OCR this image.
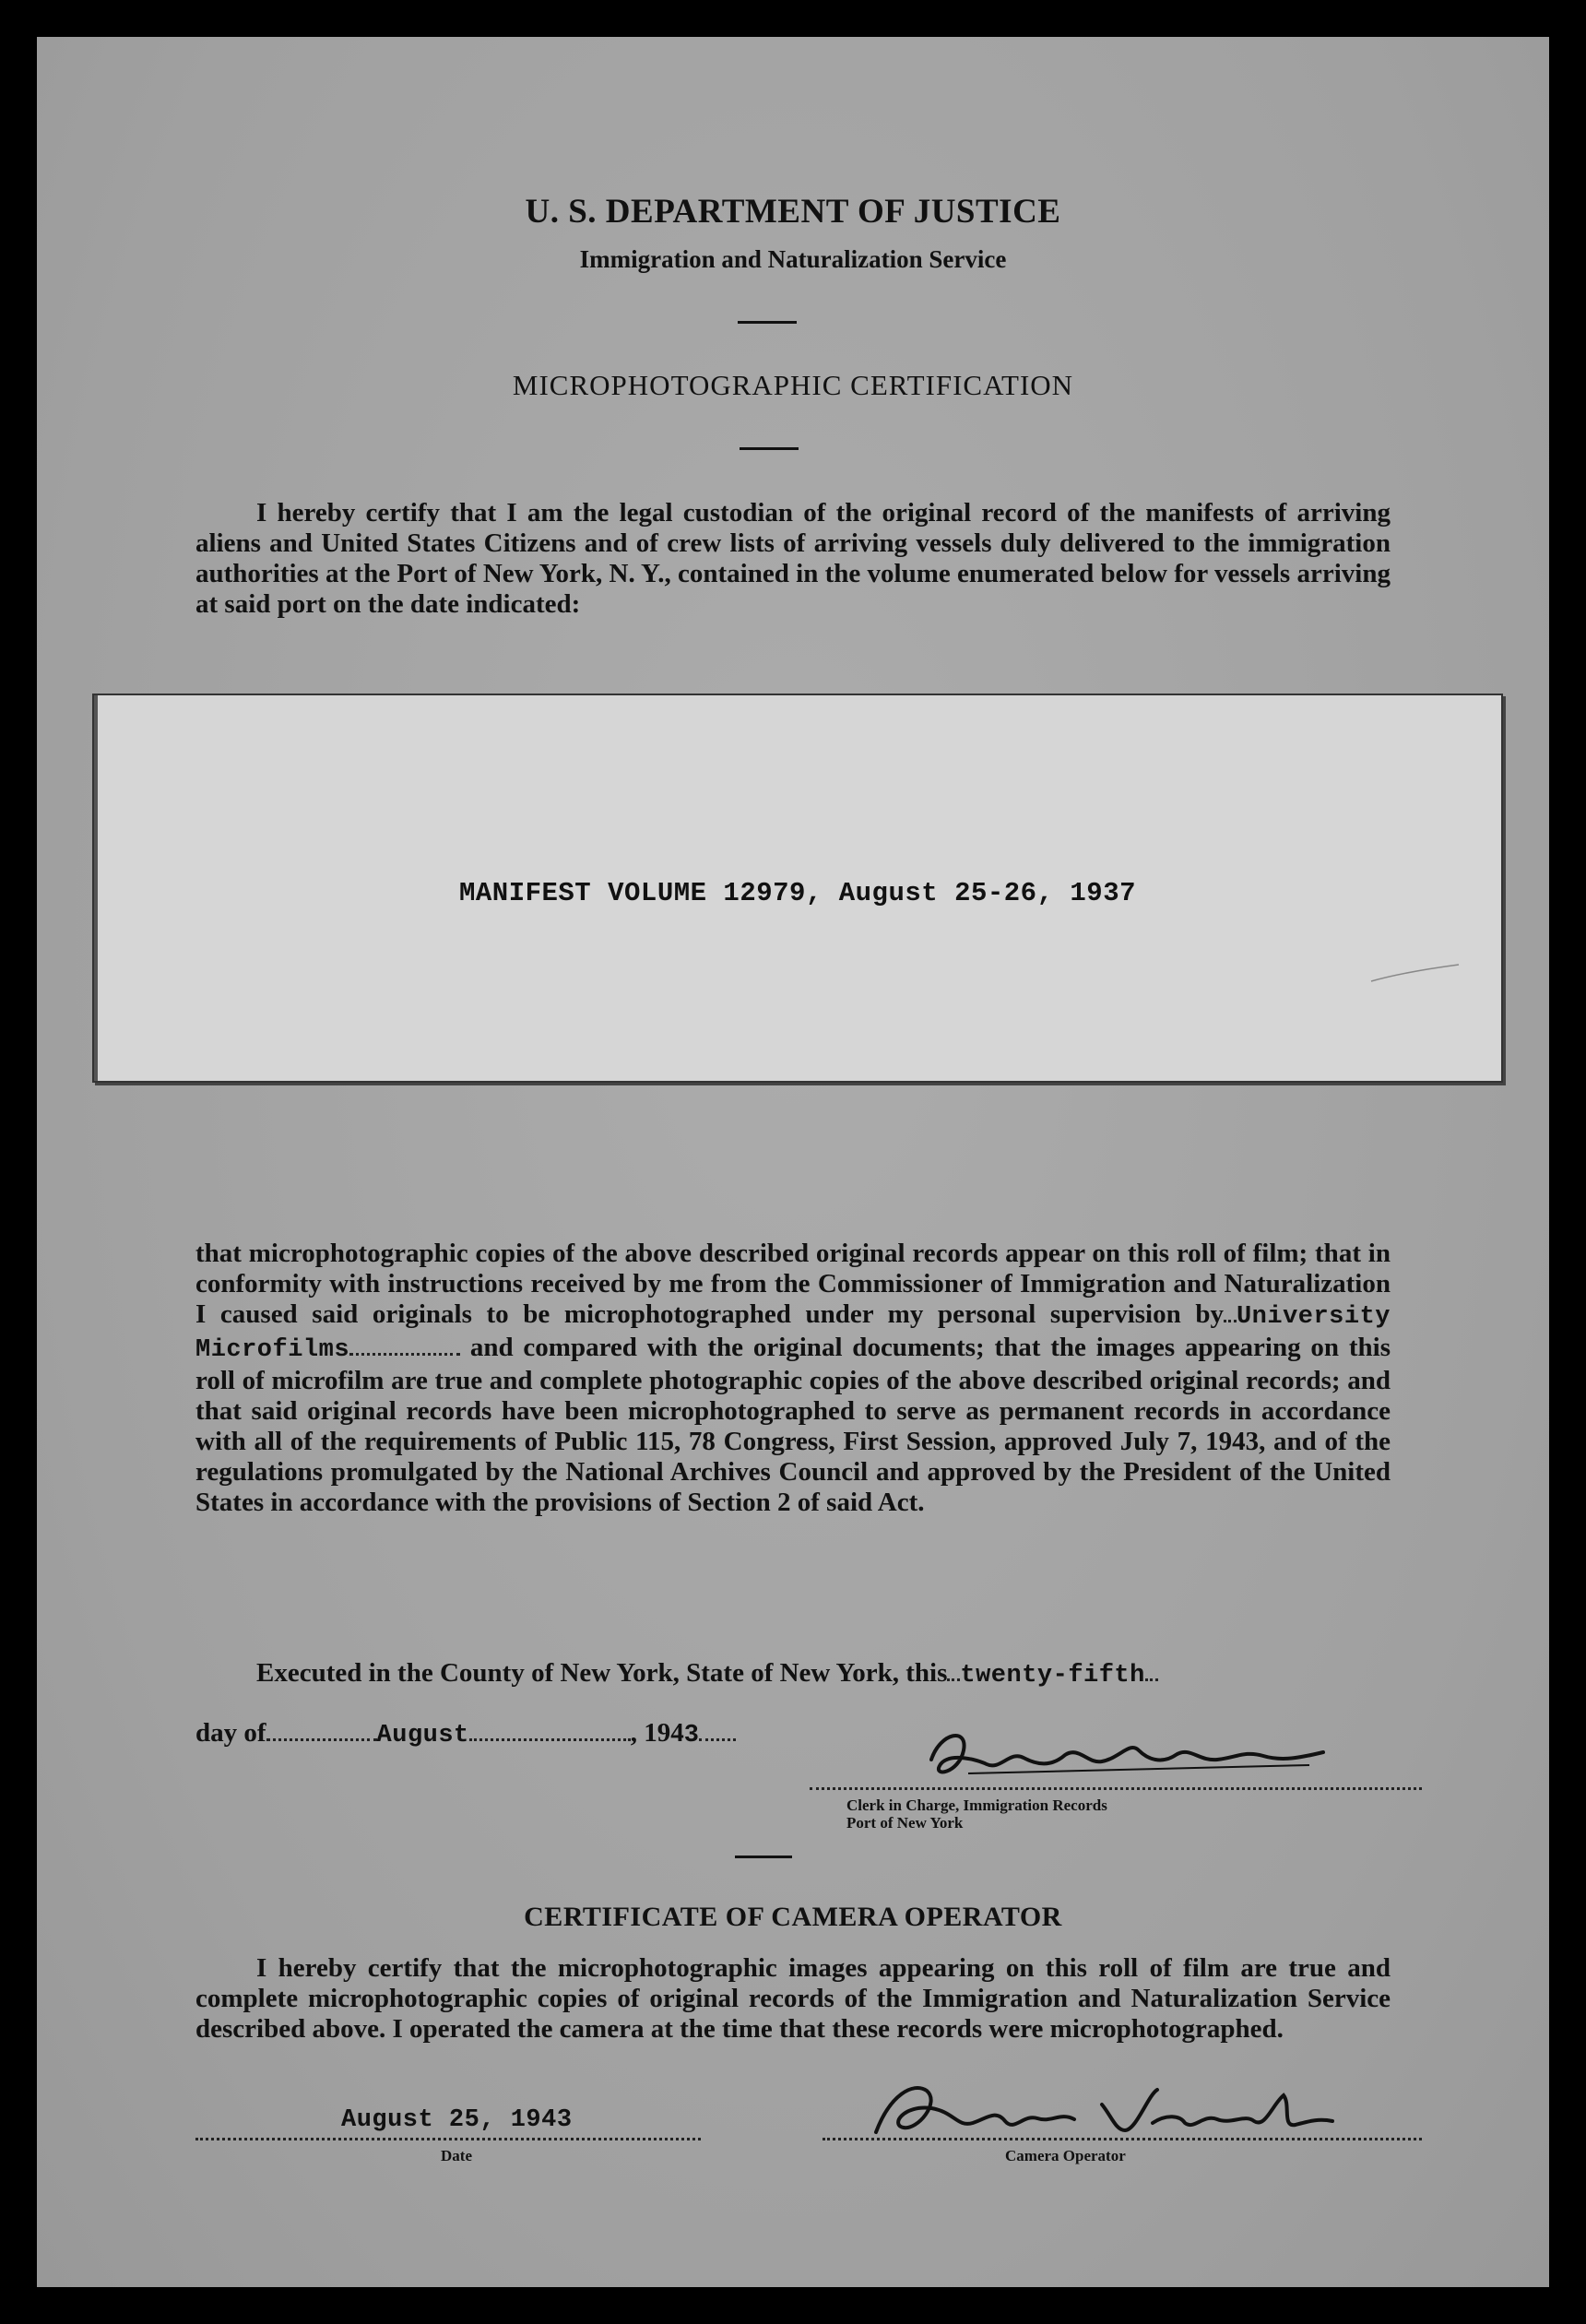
U. S. DEPARTMENT OF JUSTICE
Immigration and Naturalization Service
MICROPHOTOGRAPHIC CERTIFICATION

I hereby certify that I am the legal custodian of the original record of the manifests of arriving aliens and United States Citizens and of crew lists of arriving vessels duly delivered to the immigration authorities at the Port of New York, N. Y., contained in the volume enumerated below for vessels arriving at said port on the date indicated:

MANIFEST VOLUME 12979, August 25-26, 1937

that microphotographic copies of the above described original records appear on this roll of film; that in conformity with instructions received by me from the Commissioner of Immigration and Naturalization I caused said originals to be microphotographed under my personal supervision by University Microfilms	and compared with the original documents; that the images appearing on this roll of microfilm are true and complete photographic copies of the above described original records; and that said original records have been microphotographed to serve as permanent records in accordance with all of the requirements of Public 115, 78 Congress, First Session, approved July 7, 1943, and of the regulations promulgated by the National Archives Council and approved by the President of the United States in accordance with the provisions of Section 2 of said Act.

Executed in the County of New York, State of New York, this twenty-fifth
day of	August	, 1943
Clerk in Charge, Immigration Records
Port of New York
CERTIFICATE OF CAMERA OPERATOR

I hereby certify that the microphotographic images appearing on this roll of film are true and complete microphotographic copies of original records of the Immigration and Naturalization Service described above. I operated the camera at the time that these records were microphotographed.

August 25, 1943
Date	Camera Operator
